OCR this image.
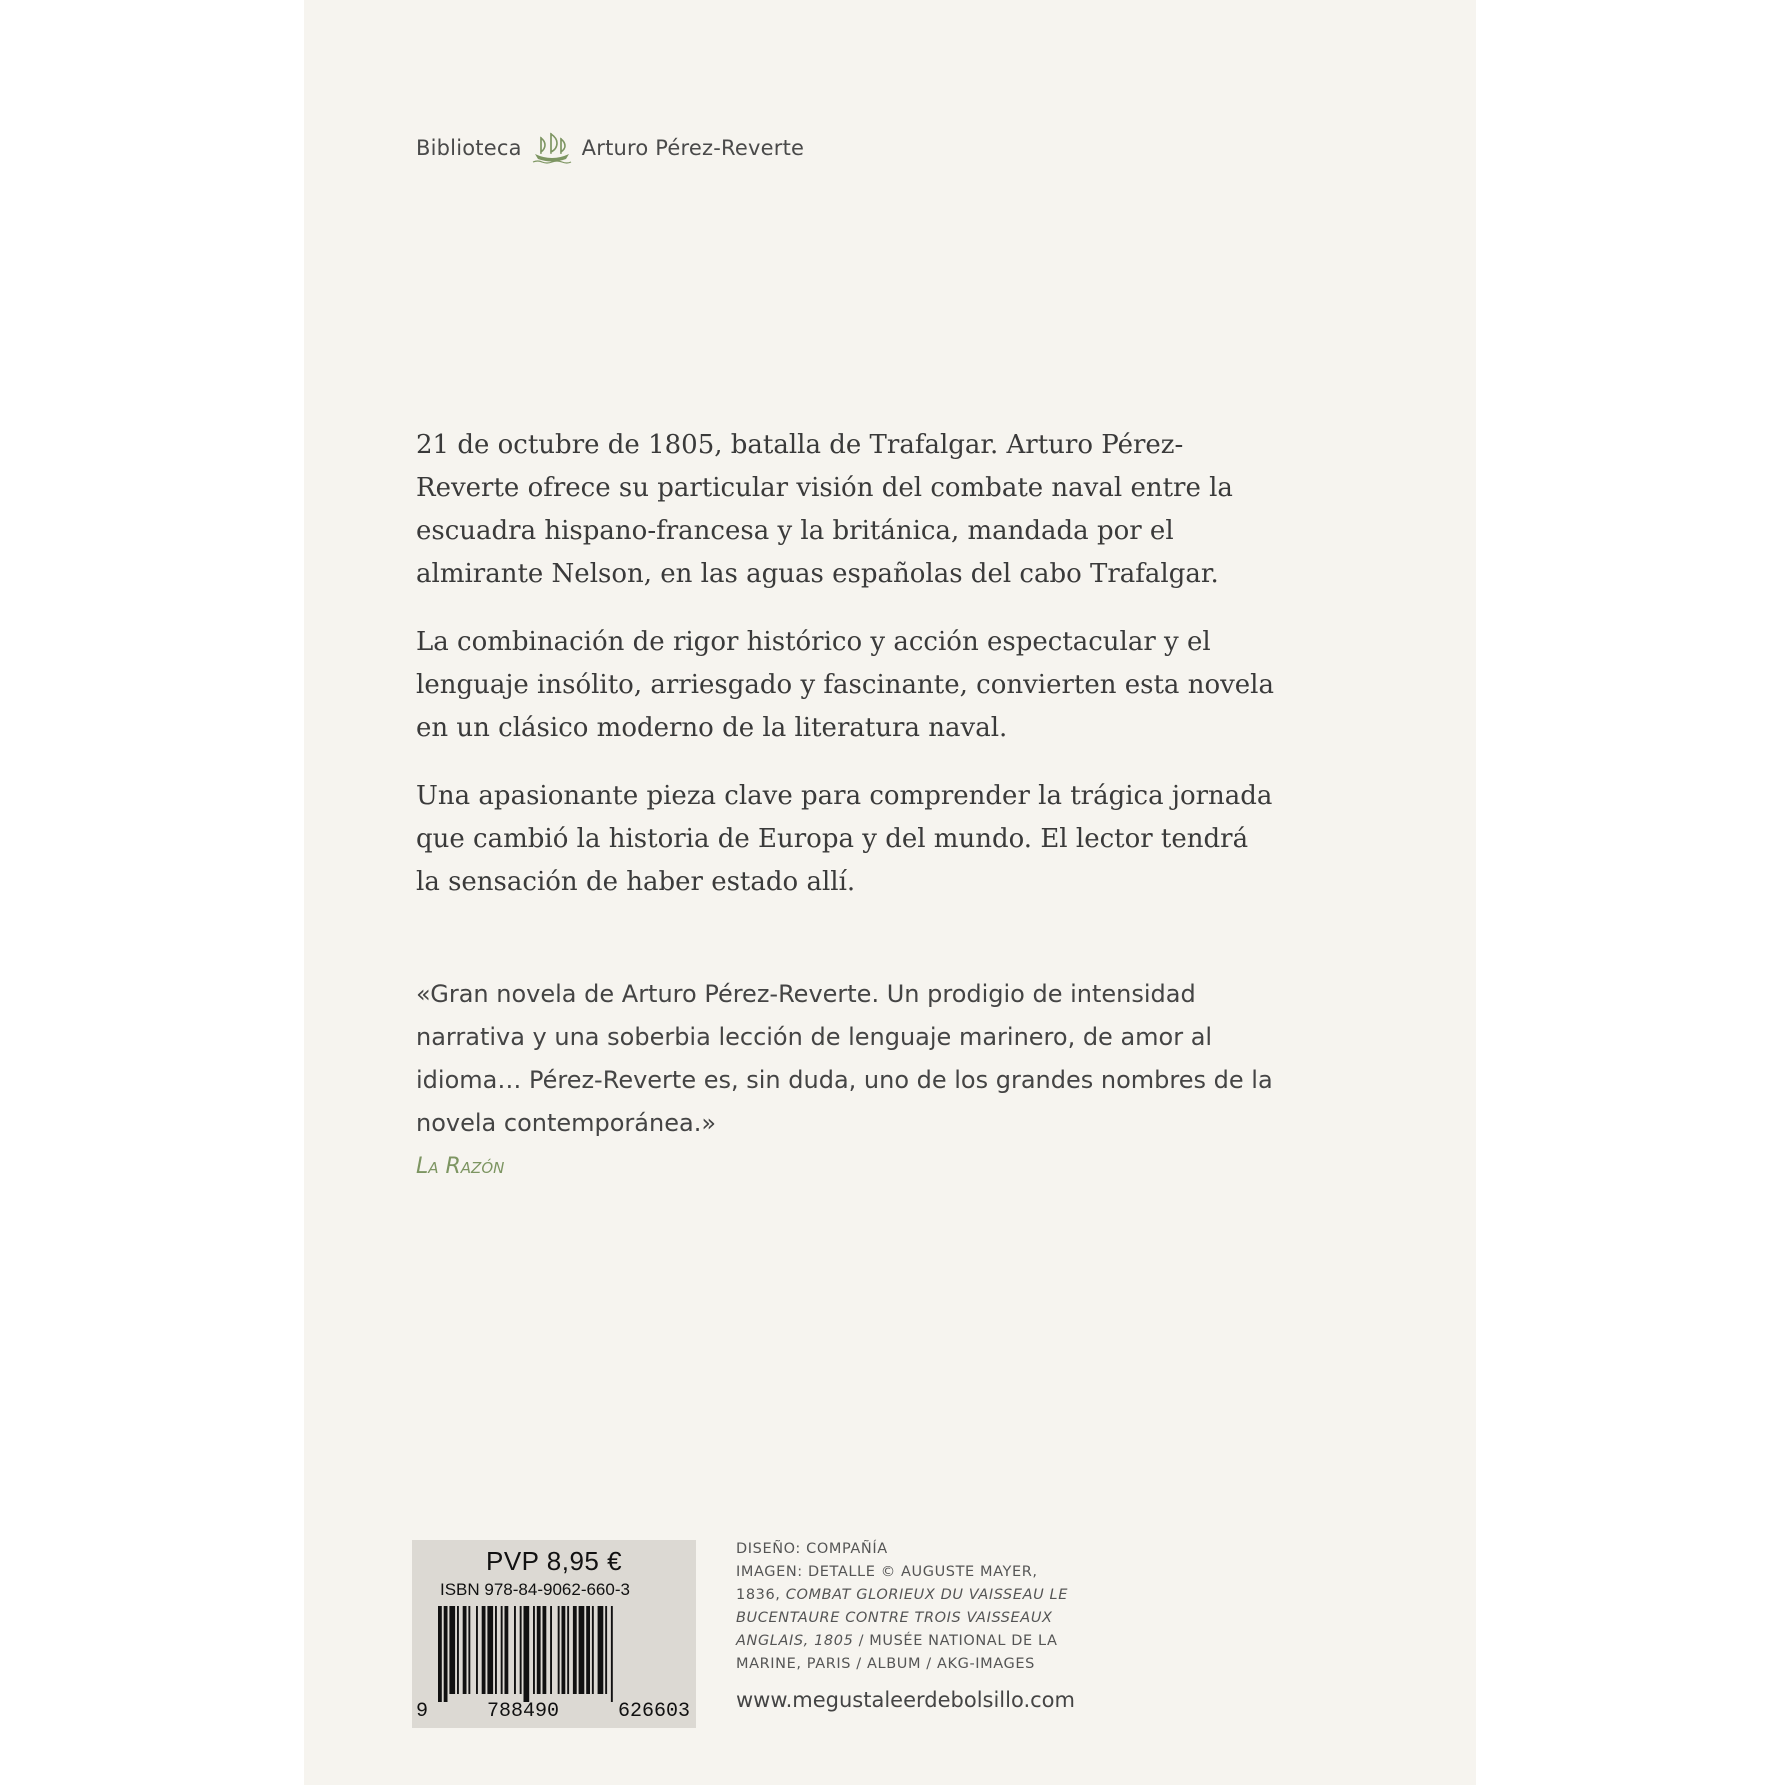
Biblioteca	Arturo Pérez-Reverte

21 de octubre de 1805, batalla de Trafalgar. Arturo Pérez-Reverte ofrece su particular visión del combate naval entre la escuadra hispano-francesa y la británica, mandada por el almirante Nelson, en las aguas españolas del cabo Trafalgar.

La combinación de rigor histórico y acción espectacular y el lenguaje insólito, arriesgado y fascinante, convierten esta novela en un clásico moderno de la literatura naval.

Una apasionante pieza clave para comprender la trágica jornada que cambió la historia de Europa y del mundo. El lector tendrá la sensación de haber estado allí.

«Gran novela de Arturo Pérez-Reverte. Un prodigio de intensidad narrativa y una soberbia lección de lenguaje marinero, de amor al idioma… Pérez-Reverte es, sin duda, uno de los grandes nombres de la novela contemporánea.»

La Razón
PVP 8,95 €
ISBN 978-84-9062-660-3
9	788490	626603
DISEÑO: COMPAÑÍA
IMAGEN: DETALLE © AUGUSTE MAYER,
1836, COMBAT GLORIEUX DU VAISSEAU LE
BUCENTAURE CONTRE TROIS VAISSEAUX
ANGLAIS, 1805 / MUSÉE NATIONAL DE LA
MARINE, PARIS / ALBUM / AKG-IMAGES
www.megustaleerdebolsillo.com
